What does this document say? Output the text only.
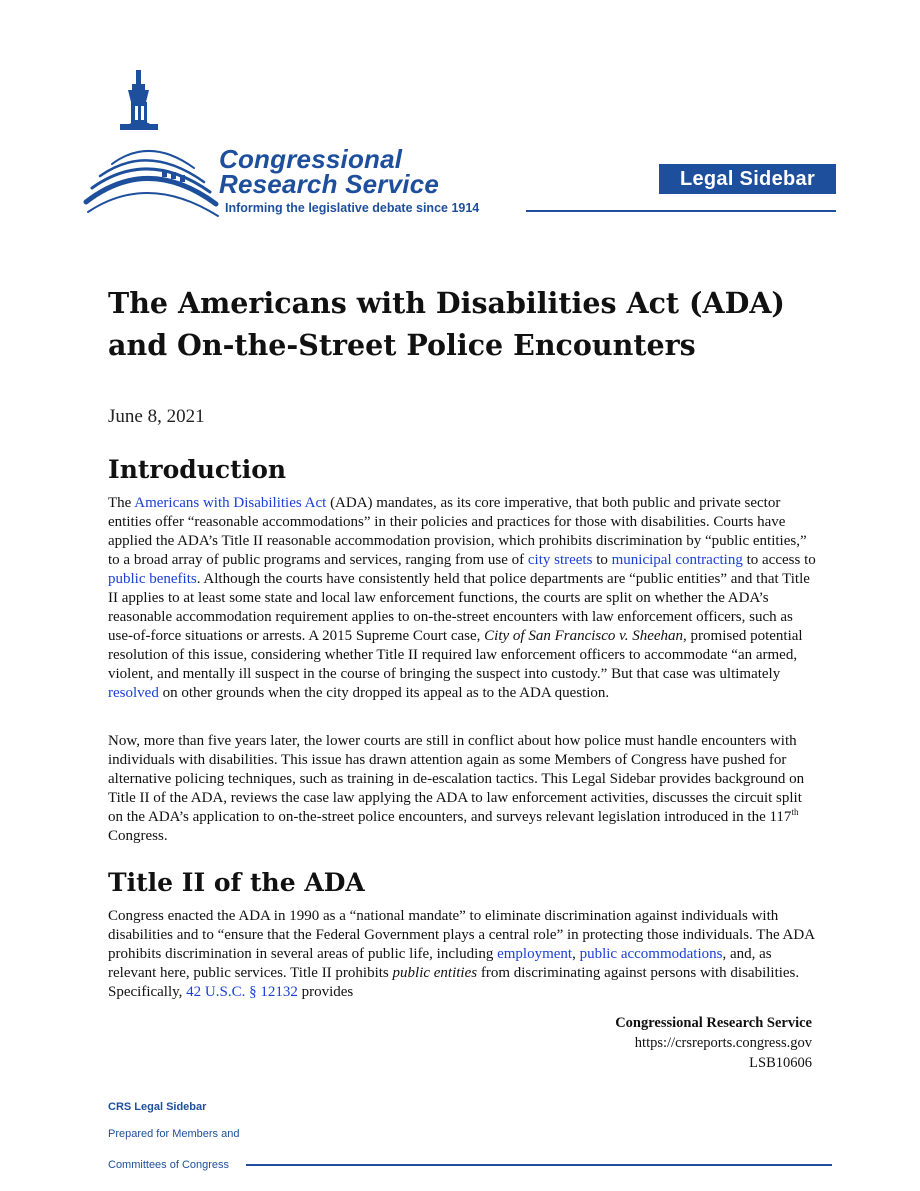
Congressional
Research Service
Informing the legislative debate since 1914
Legal Sidebar
The Americans with Disabilities Act (ADA) and On-the-Street Police Encounters
June 8, 2021
Introduction

The Americans with Disabilities Act (ADA) mandates, as its core imperative, that both public and private sector entities offer “reasonable accommodations” in their policies and practices for those with disabilities. Courts have applied the ADA’s Title II reasonable accommodation provision, which prohibits discrimination by “public entities,” to a broad array of public programs and services, ranging from use of city streets to municipal contracting to access to public benefits. Although the courts have consistently held that police departments are “public entities” and that Title II applies to at least some state and local law enforcement functions, the courts are split on whether the ADA’s reasonable accommodation requirement applies to on-the-street encounters with law enforcement officers, such as use-of-force situations or arrests. A 2015 Supreme Court case, City of San Francisco v. Sheehan, promised potential resolution of this issue, considering whether Title II required law enforcement officers to accommodate “an armed, violent, and mentally ill suspect in the course of bringing the suspect into custody.” But that case was ultimately resolved on other grounds when the city dropped its appeal as to the ADA question.

Now, more than five years later, the lower courts are still in conflict about how police must handle encounters with individuals with disabilities. This issue has drawn attention again as some Members of Congress have pushed for alternative policing techniques, such as training in de-escalation tactics. This Legal Sidebar provides background on Title II of the ADA, reviews the case law applying the ADA to law enforcement activities, discusses the circuit split on the ADA’s application to on-the-street police encounters, and surveys relevant legislation introduced in the 117th Congress.

Title II of the ADA

Congress enacted the ADA in 1990 as a “national mandate” to eliminate discrimination against individuals with disabilities and to “ensure that the Federal Government plays a central role” in protecting those individuals. The ADA prohibits discrimination in several areas of public life, including employment, public accommodations, and, as relevant here, public services. Title II prohibits public entities from discriminating against persons with disabilities. Specifically, 42 U.S.C. § 12132 provides

Congressional Research Service
https://crsreports.congress.gov
LSB10606
CRS Legal Sidebar
Prepared for Members and
Committees of Congress
